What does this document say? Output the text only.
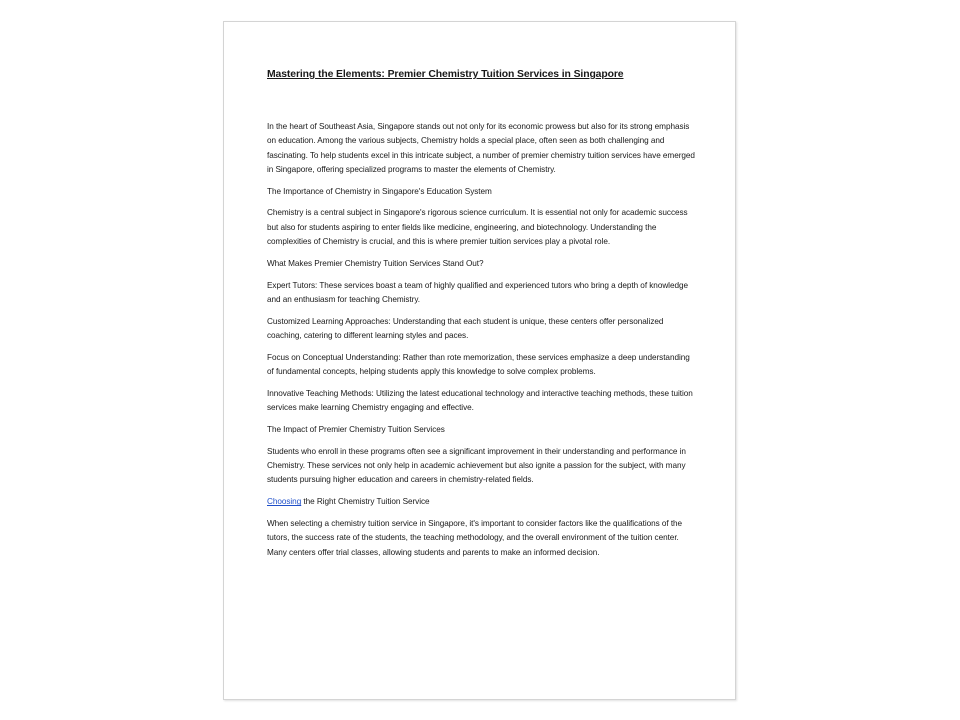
Mastering the Elements: Premier Chemistry Tuition Services in Singapore

In the heart of Southeast Asia, Singapore stands out not only for its economic prowess but also for its strong emphasis on education. Among the various subjects, Chemistry holds a special place, often seen as both challenging and fascinating. To help students excel in this intricate subject, a number of premier chemistry tuition services have emerged in Singapore, offering specialized programs to master the elements of Chemistry.

The Importance of Chemistry in Singapore's Education System

Chemistry is a central subject in Singapore's rigorous science curriculum. It is essential not only for academic success but also for students aspiring to enter fields like medicine, engineering, and biotechnology. Understanding the complexities of Chemistry is crucial, and this is where premier tuition services play a pivotal role.

What Makes Premier Chemistry Tuition Services Stand Out?

Expert Tutors: These services boast a team of highly qualified and experienced tutors who bring a depth of knowledge and an enthusiasm for teaching Chemistry.

Customized Learning Approaches: Understanding that each student is unique, these centers offer personalized coaching, catering to different learning styles and paces.

Focus on Conceptual Understanding: Rather than rote memorization, these services emphasize a deep understanding of fundamental concepts, helping students apply this knowledge to solve complex problems.

Innovative Teaching Methods: Utilizing the latest educational technology and interactive teaching methods, these tuition services make learning Chemistry engaging and effective.

The Impact of Premier Chemistry Tuition Services

Students who enroll in these programs often see a significant improvement in their understanding and performance in Chemistry. These services not only help in academic achievement but also ignite a passion for the subject, with many students pursuing higher education and careers in chemistry-related fields.

Choosing the Right Chemistry Tuition Service

When selecting a chemistry tuition service in Singapore, it's important to consider factors like the qualifications of the tutors, the success rate of the students, the teaching methodology, and the overall environment of the tuition center. Many centers offer trial classes, allowing students and parents to make an informed decision.
